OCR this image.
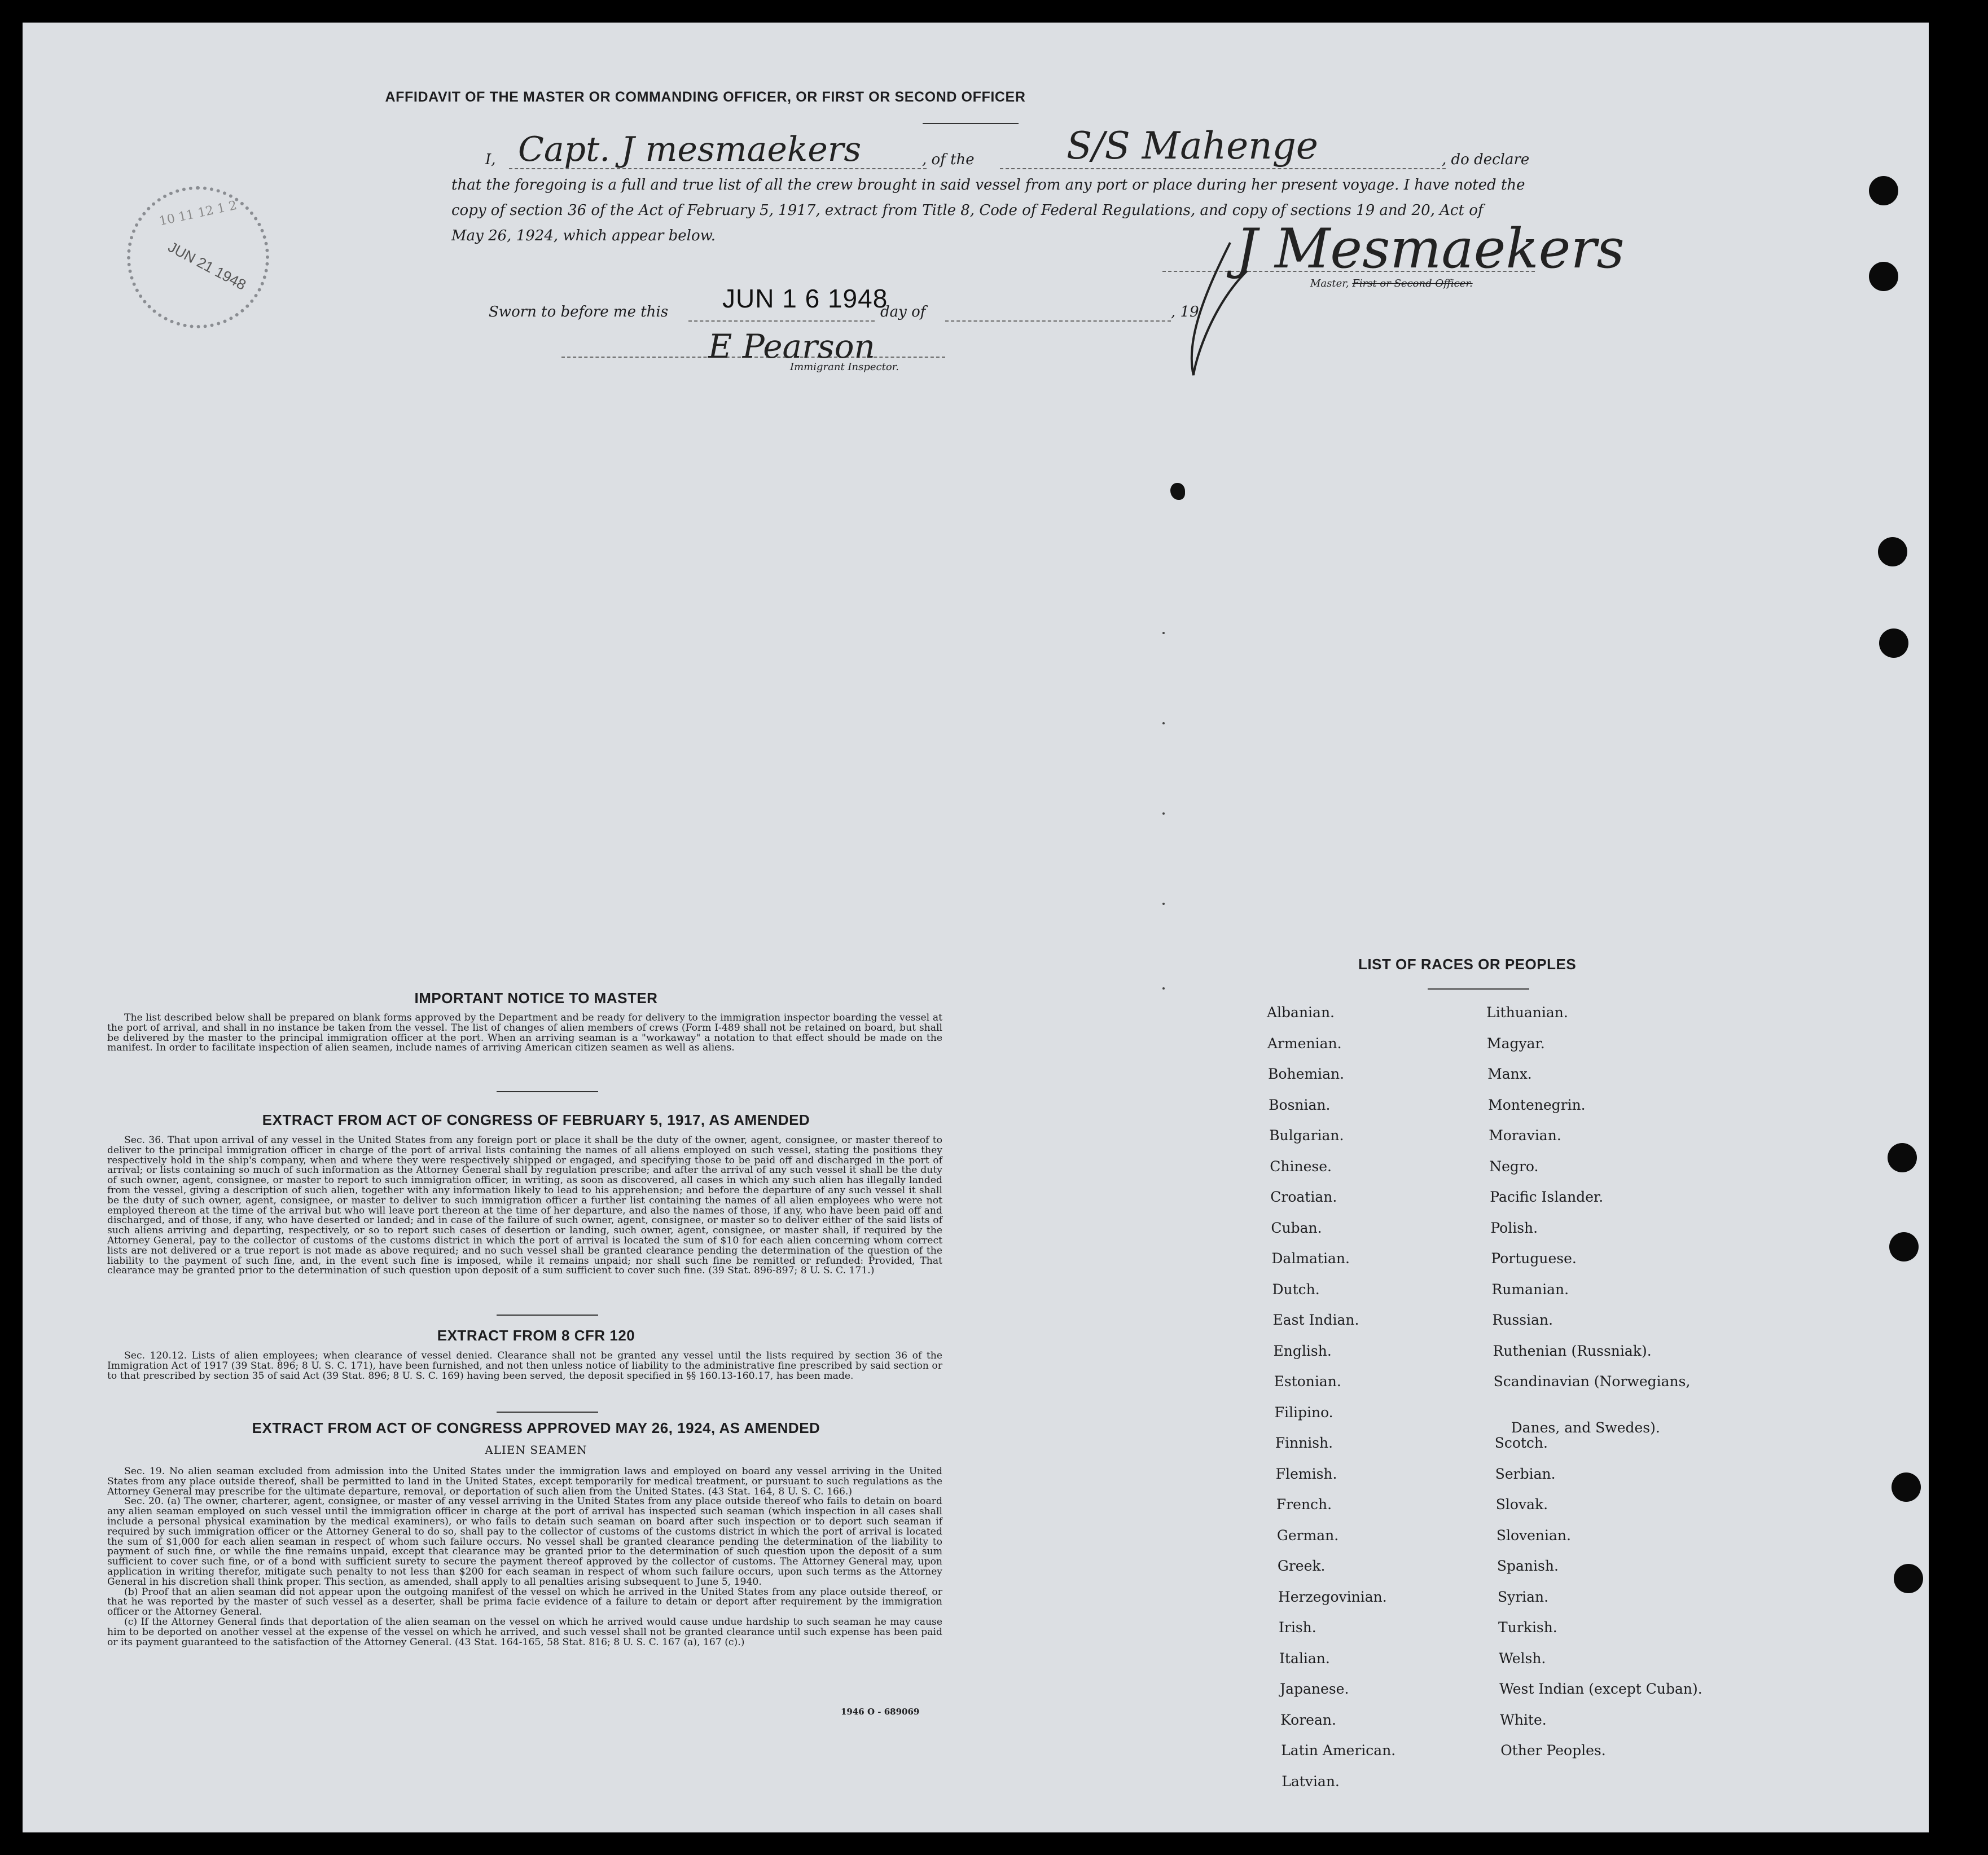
AFFIDAVIT OF THE MASTER OR COMMANDING OFFICER, OR FIRST OR SECOND OFFICER
I, Capt. J mesmaekers	, of the S/S Mahenge	, do declare
that the foregoing is a full and true list of all the crew brought in said vessel from any port or place during her present voyage. I have noted the
copy of section 36 of the Act of February 5, 1917, extract from Title 8, Code of Federal Regulations, and copy of sections 19 and 20, Act of
May 26, 1924, which appear below.	J Mesmaekers
Master, First or Second Officer.
Sworn to before me this JUN 1 6 1948
day of	, 19
E Pearson
Immigrant Inspector.
10 11 12 1 2
JUN 21 1948
IMPORTANT NOTICE TO MASTER
The list described below shall be prepared on blank forms approved by the Department and be ready for delivery to the immigration inspector boarding the vessel at the port of arrival, and shall in no instance be taken from the vessel. The list of changes of alien members of crews (Form I-489 shall not be retained on board, but shall be delivered by the master to the principal immigration officer at the port. When an arriving seaman is a "workaway" a notation to that effect should be made on the manifest. In order to facilitate inspection of alien seamen, include names of arriving American citizen seamen as well as aliens.
EXTRACT FROM ACT OF CONGRESS OF FEBRUARY 5, 1917, AS AMENDED
Sec. 36. That upon arrival of any vessel in the United States from any foreign port or place it shall be the duty of the owner, agent, consignee, or master thereof to deliver to the principal immigration officer in charge of the port of arrival lists containing the names of all aliens employed on such vessel, stating the positions they respectively hold in the ship's company, when and where they were respectively shipped or engaged, and specifying those to be paid off and discharged in the port of arrival; or lists containing so much of such information as the Attorney General shall by regulation prescribe; and after the arrival of any such vessel it shall be the duty of such owner, agent, consignee, or master to report to such immigration officer, in writing, as soon as discovered, all cases in which any such alien has illegally landed from the vessel, giving a description of such alien, together with any information likely to lead to his apprehension; and before the departure of any such vessel it shall be the duty of such owner, agent, consignee, or master to deliver to such immigration officer a further list containing the names of all alien employees who were not employed thereon at the time of the arrival but who will leave port thereon at the time of her departure, and also the names of those, if any, who have been paid off and discharged, and of those, if any, who have deserted or landed; and in case of the failure of such owner, agent, consignee, or master so to deliver either of the said lists of such aliens arriving and departing, respectively, or so to report such cases of desertion or landing, such owner, agent, consignee, or master shall, if required by the Attorney General, pay to the collector of customs of the customs district in which the port of arrival is located the sum of $10 for each alien concerning whom correct lists are not delivered or a true report is not made as above required; and no such vessel shall be granted clearance pending the determination of the question of the liability to the payment of such fine, and, in the event such fine is imposed, while it remains unpaid; nor shall such fine be remitted or refunded: Provided, That clearance may be granted prior to the determination of such question upon deposit of a sum sufficient to cover such fine. (39 Stat. 896-897; 8 U. S. C. 171.)
EXTRACT FROM 8 CFR 120
Sec. 120.12. Lists of alien employees; when clearance of vessel denied. Clearance shall not be granted any vessel until the lists required by section 36 of the Immigration Act of 1917 (39 Stat. 896; 8 U. S. C. 171), have been furnished, and not then unless notice of liability to the administrative fine prescribed by said section or to that prescribed by section 35 of said Act (39 Stat. 896; 8 U. S. C. 169) having been served, the deposit specified in §§ 160.13-160.17, has been made.
EXTRACT FROM ACT OF CONGRESS APPROVED MAY 26, 1924, AS AMENDED
ALIEN SEAMEN
Sec. 19. No alien seaman excluded from admission into the United States under the immigration laws and employed on board any vessel arriving in the United States from any place outside thereof, shall be permitted to land in the United States, except temporarily for medical treatment, or pursuant to such regulations as the Attorney General may prescribe for the ultimate departure, removal, or deportation of such alien from the United States. (43 Stat. 164, 8 U. S. C. 166.)
Sec. 20. (a) The owner, charterer, agent, consignee, or master of any vessel arriving in the United States from any place outside thereof who fails to detain on board any alien seaman employed on such vessel until the immigration officer in charge at the port of arrival has inspected such seaman (which inspection in all cases shall include a personal physical examination by the medical examiners), or who fails to detain such seaman on board after such inspection or to deport such seaman if required by such immigration officer or the Attorney General to do so, shall pay to the collector of customs of the customs district in which the port of arrival is located the sum of $1,000 for each alien seaman in respect of whom such failure occurs. No vessel shall be granted clearance pending the determination of the liability to payment of such fine, or while the fine remains unpaid, except that clearance may be granted prior to the determination of such question upon the deposit of a sum sufficient to cover such fine, or of a bond with sufficient surety to secure the payment thereof approved by the collector of customs. The Attorney General may, upon application in writing therefor, mitigate such penalty to not less than $200 for each seaman in respect of whom such failure occurs, upon such terms as the Attorney General in his discretion shall think proper. This section, as amended, shall apply to all penalties arising subsequent to June 5, 1940.
(b) Proof that an alien seaman did not appear upon the outgoing manifest of the vessel on which he arrived in the United States from any place outside thereof, or that he was reported by the master of such vessel as a deserter, shall be prima facie evidence of a failure to detain or deport after requirement by the immigration officer or the Attorney General.
(c) If the Attorney General finds that deportation of the alien seaman on the vessel on which he arrived would cause undue hardship to such seaman he may cause him to be deported on another vessel at the expense of the vessel on which he arrived, and such vessel shall not be granted clearance until such expense has been paid or its payment guaranteed to the satisfaction of the Attorney General. (43 Stat. 164-165, 58 Stat. 816; 8 U. S. C. 167 (a), 167 (c).)
1946 O - 689069
LIST OF RACES OR PEOPLES
Albanian.
Armenian.
Bohemian.
Bosnian.
Bulgarian.
Chinese.
Croatian.
Cuban.
Dalmatian.
Dutch.
East Indian.
English.
Estonian.
Filipino.
Finnish.
Flemish.
French.
German.
Greek.
Herzegovinian.
Irish.
Italian.
Japanese.
Korean.
Latin American.
Latvian.
Lithuanian.
Magyar.
Manx.
Montenegrin.
Moravian.
Negro.
Pacific Islander.
Polish.
Portuguese.
Rumanian.
Russian.
Ruthenian (Russniak).
Scandinavian (Norwegians,
Danes, and Swedes).
Scotch.
Serbian.
Slovak.
Slovenian.
Spanish.
Syrian.
Turkish.
Welsh.
West Indian (except Cuban).
White.
Other Peoples.
